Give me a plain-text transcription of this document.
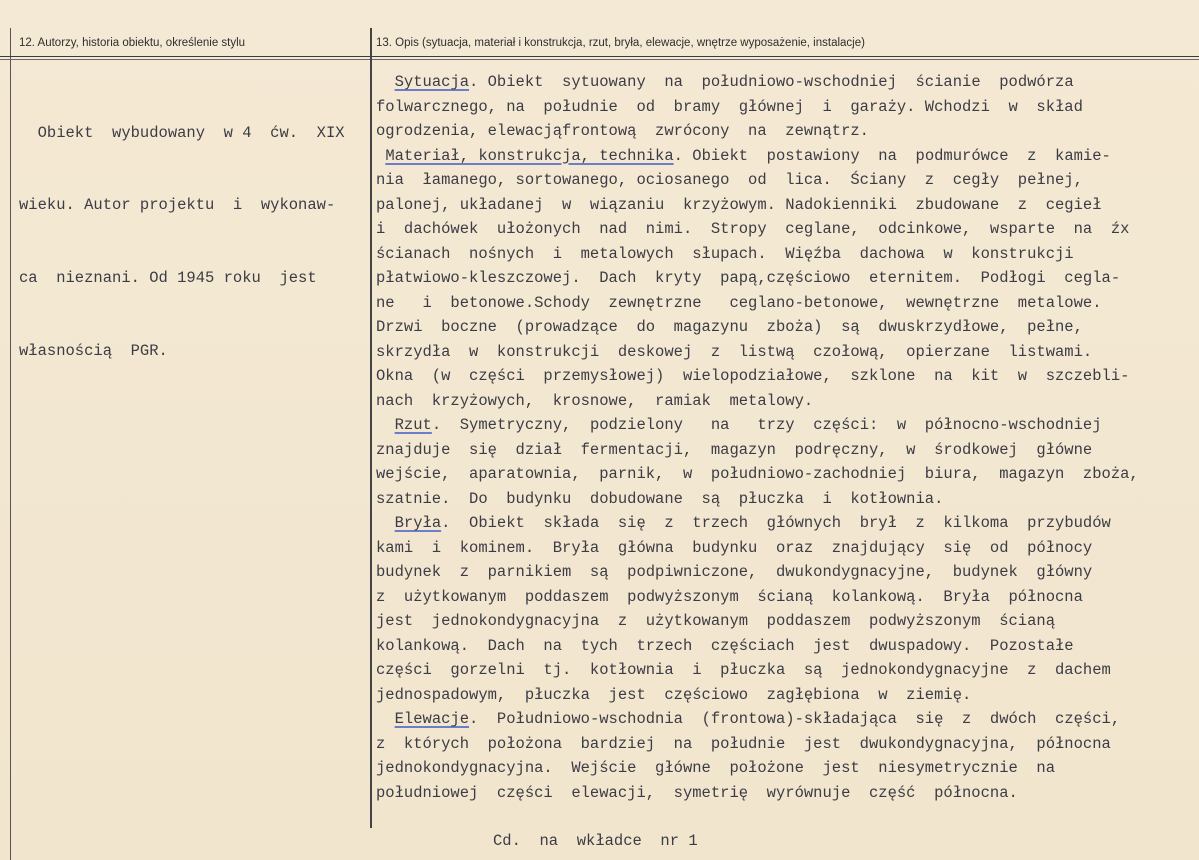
12. Autorzy, historia obiektu, określenie stylu	13. Opis (sytuacja, materiał i konstrukcja, rzut, bryła, elewacje, wnętrze wyposażenie, instalacje)

Obiekt  wybudowany  w 4  ćw.  XIX

wieku. Autor projektu  i  wykonaw-

ca  nieznani. Od 1945 roku  jest

własnością  PGR.

Sytuacja. Obiekt  sytuowany  na  południowo-wschodniej  ścianie  podwórza
folwarcznego, na  południe  od  bramy  głównej  i  garaży. Wchodzi  w  skład
ogrodzenia, elewacjąfrontową  zwrócony  na  zewnątrz.
Materiał, konstrukcja, technika. Obiekt  postawiony  na  podmurówce  z  kamie-
nia  łamanego, sortowanego, ociosanego  od  lica.  Ściany  z  cegły  pełnej,
palonej, układanej  w  wiązaniu  krzyżowym. Nadokienniki  zbudowane  z  cegieł
i  dachówek  ułożonych  nad  nimi.  Stropy  ceglane,  odcinkowe,  wsparte  na  źx
ścianach  nośnych  i  metalowych  słupach.  Więźba  dachowa  w  konstrukcji
płatwiowo-kleszczowej.  Dach  kryty  papą,częściowo  eternitem.  Podłogi  cegla-
ne   i  betonowe.Schody  zewnętrzne   ceglano-betonowe,  wewnętrzne  metalowe.
Drzwi  boczne  (prowadzące  do  magazynu  zboża)  są  dwuskrzydłowe,  pełne,
skrzydła  w  konstrukcji  deskowej  z  listwą  czołową,  opierzane  listwami.
Okna  (w  części  przemysłowej)  wielopodziałowe,  szklone  na  kit  w  szczebli-
nach  krzyżowych,  krosnowe,  ramiak  metalowy.
Rzut.  Symetryczny,  podzielony   na   trzy  części:  w  północno-wschodniej
znajduje  się  dział  fermentacji,  magazyn  podręczny,  w  środkowej  główne
wejście,  aparatownia,  parnik,  w  południowo-zachodniej  biura,  magazyn  zboża,
szatnie.  Do  budynku  dobudowane  są  płuczka  i  kotłownia.
Bryła.  Obiekt  składa  się  z  trzech  głównych  brył  z  kilkoma  przybudów
kami  i  kominem.  Bryła  główna  budynku  oraz  znajdujący  się  od  północy
budynek  z  parnikiem  są  podpiwniczone,  dwukondygnacyjne,  budynek  główny
z  użytkowanym  poddaszem  podwyższonym  ścianą  kolankową.  Bryła  północna
jest  jednokondygnacyjna  z  użytkowanym  poddaszem  podwyższonym  ścianą
kolankową.  Dach  na  tych  trzech  częściach  jest  dwuspadowy.  Pozostałe
części  gorzelni  tj.  kotłownia  i  płuczka  są  jednokondygnacyjne  z  dachem
jednospadowym,  płuczka  jest  częściowo  zagłębiona  w  ziemię.
Elewacje.  Południowo-wschodnia  (frontowa)-składająca  się  z  dwóch  części,
z  których  położona  bardziej  na  południe  jest  dwukondygnacyjna,  północna
jednokondygnacyjna.  Wejście  główne  położone  jest  niesymetrycznie  na
południowej  części  elewacji,  symetrię  wyrównuje  część  północna.
Cd.  na  wkładce  nr 1
